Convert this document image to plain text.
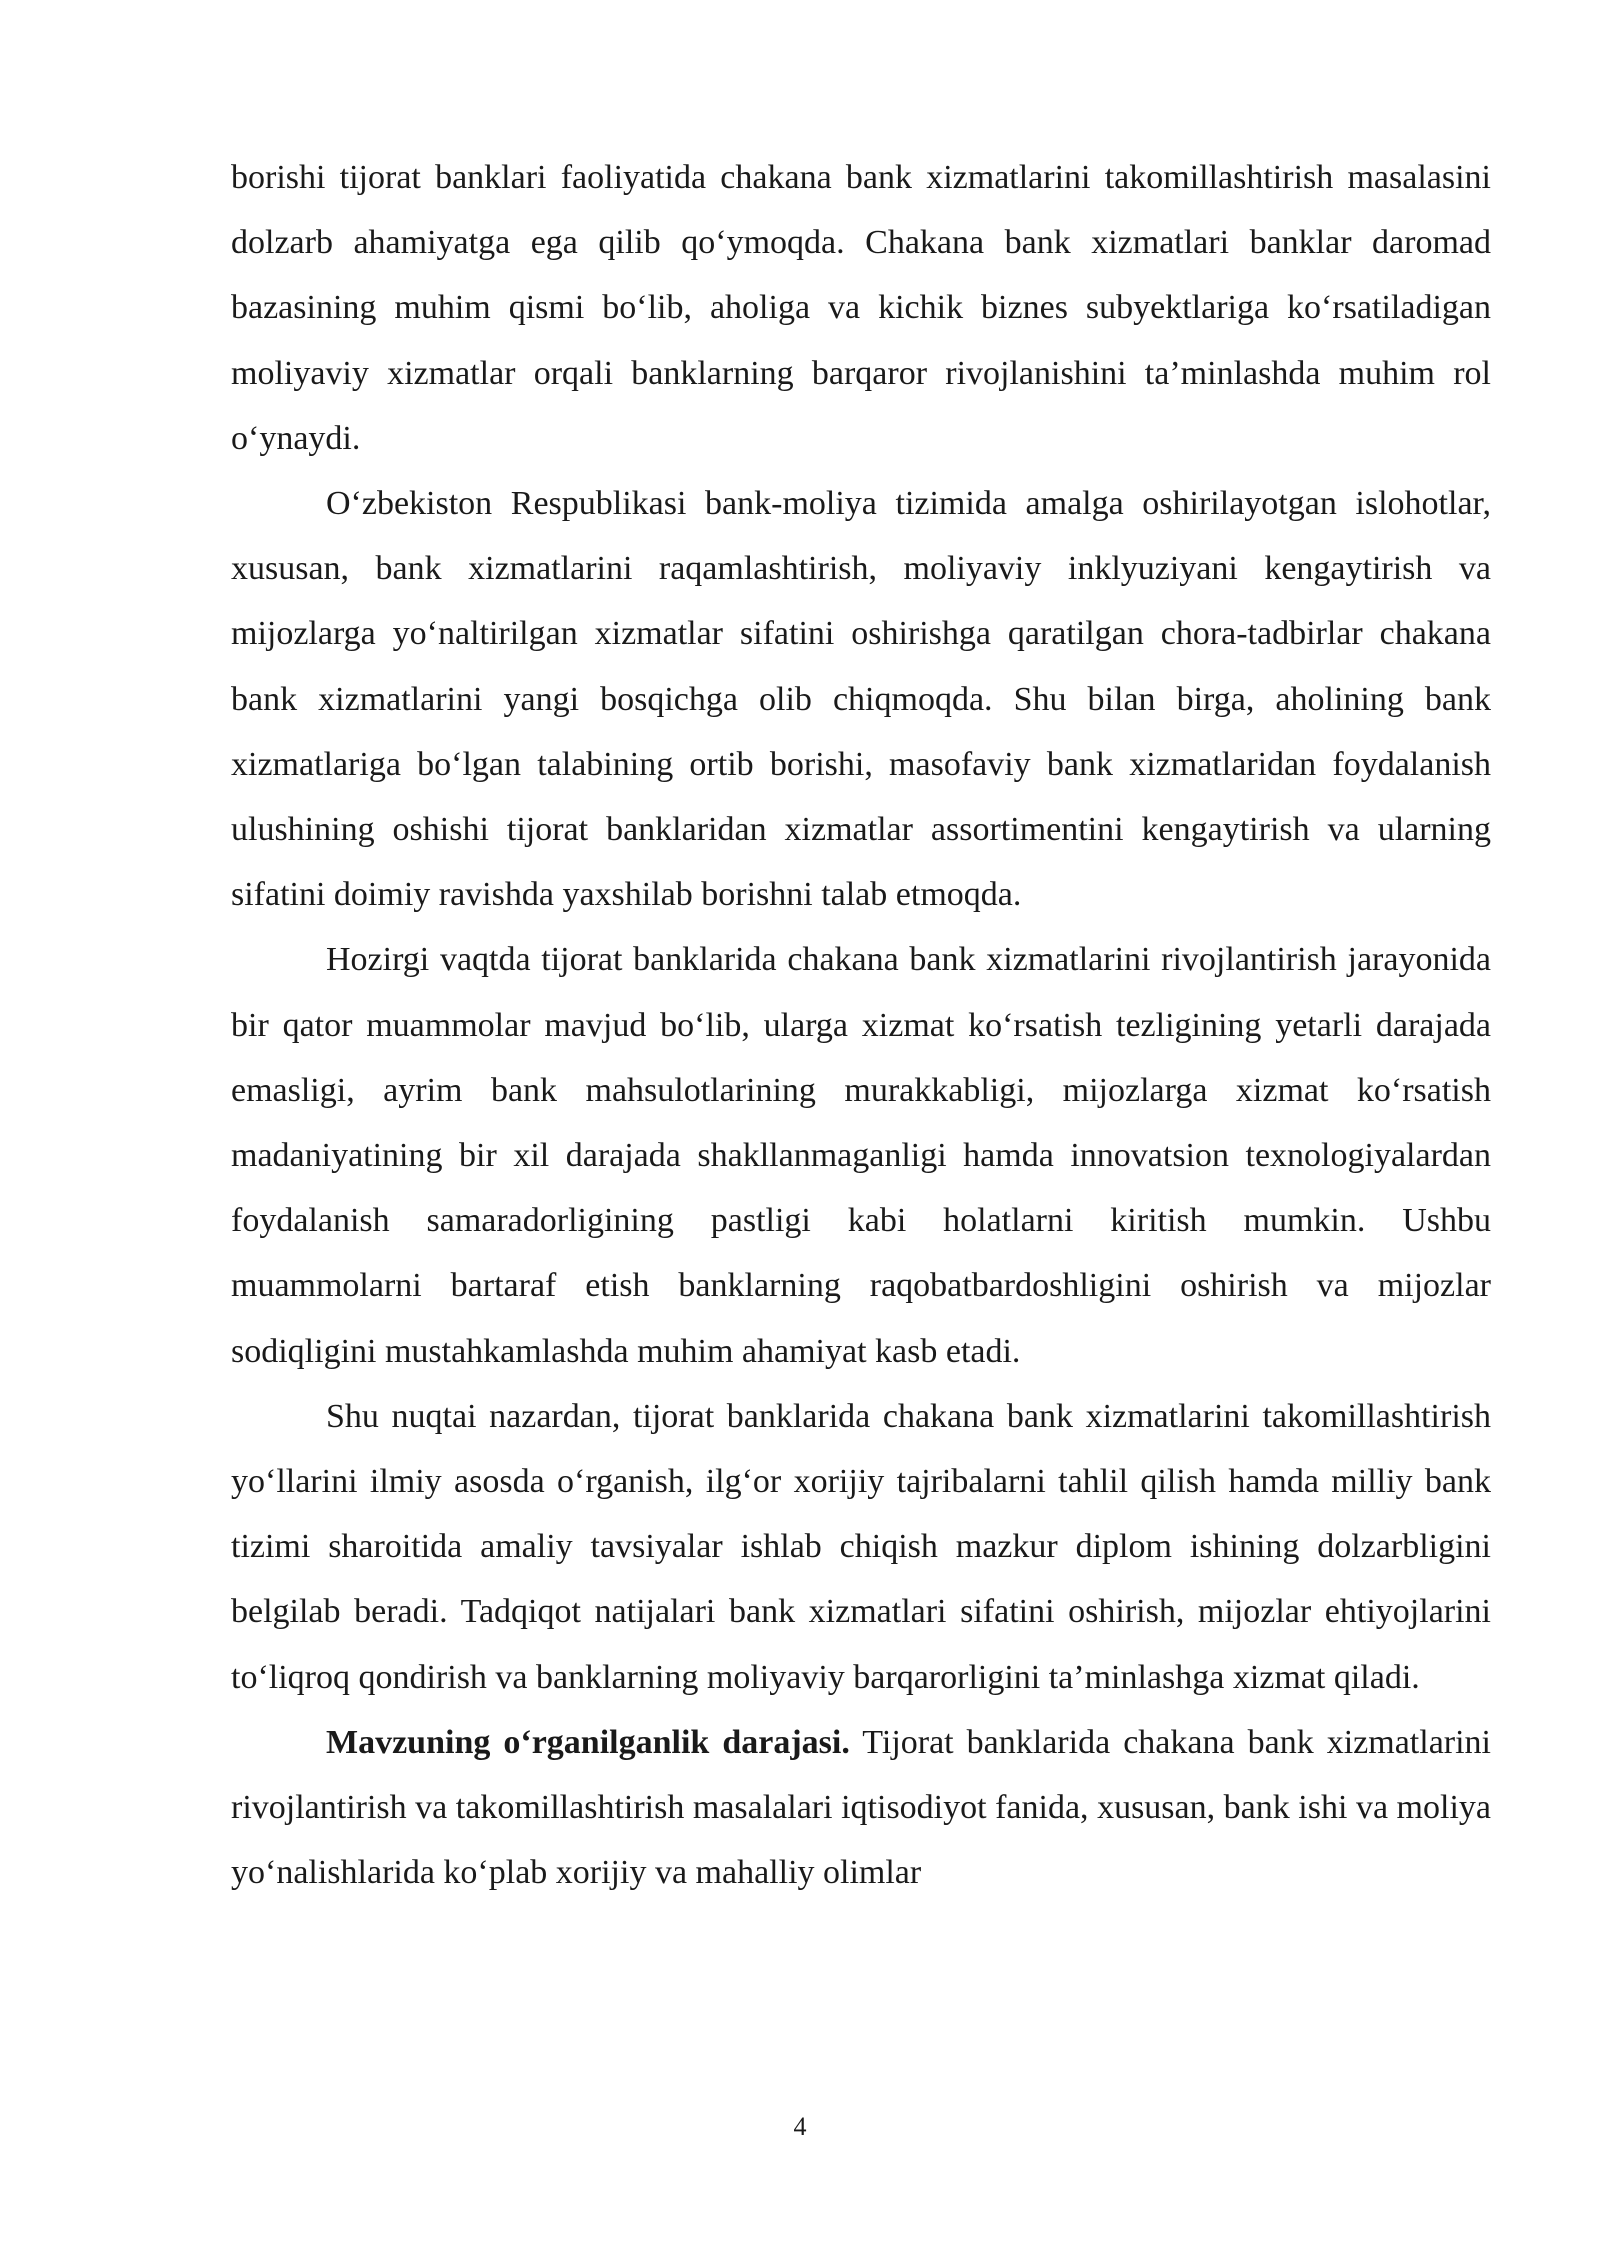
borishi tijorat banklari faoliyatida chakana bank xizmatlarini takomillashtirish masalasini dolzarb ahamiyatga ega qilib qo‘ymoqda. Chakana bank xizmatlari banklar daromad bazasining muhim qismi bo‘lib, aholiga va kichik biznes subyektlariga ko‘rsatiladigan moliyaviy xizmatlar orqali banklarning barqaror rivojlanishini ta’minlashda muhim rol o‘ynaydi.

O‘zbekiston Respublikasi bank-moliya tizimida amalga oshirilayotgan islohotlar, xususan, bank xizmatlarini raqamlashtirish, moliyaviy inklyuziyani kengaytirish va mijozlarga yo‘naltirilgan xizmatlar sifatini oshirishga qaratilgan chora-tadbirlar chakana bank xizmatlarini yangi bosqichga olib chiqmoqda. Shu bilan birga, aholining bank xizmatlariga bo‘lgan talabining ortib borishi, masofaviy bank xizmatlaridan foydalanish ulushining oshishi tijorat banklaridan xizmatlar assortimentini kengaytirish va ularning sifatini doimiy ravishda yaxshilab borishni talab etmoqda.

Hozirgi vaqtda tijorat banklarida chakana bank xizmatlarini rivojlantirish jarayonida bir qator muammolar mavjud bo‘lib, ularga xizmat ko‘rsatish tezligining yetarli darajada emasligi, ayrim bank mahsulotlarining murakkabligi, mijozlarga xizmat ko‘rsatish madaniyatining bir xil darajada shakllanmaganligi hamda innovatsion texnologiyalardan foydalanish samaradorligining pastligi kabi holatlarni kiritish mumkin. Ushbu muammolarni bartaraf etish banklarning raqobatbardoshligini oshirish va mijozlar sodiqligini mustahkamlashda muhim ahamiyat kasb etadi.

Shu nuqtai nazardan, tijorat banklarida chakana bank xizmatlarini takomillashtirish yo‘llarini ilmiy asosda o‘rganish, ilg‘or xorijiy tajribalarni tahlil qilish hamda milliy bank tizimi sharoitida amaliy tavsiyalar ishlab chiqish mazkur diplom ishining dolzarbligini belgilab beradi. Tadqiqot natijalari bank xizmatlari sifatini oshirish, mijozlar ehtiyojlarini to‘liqroq qondirish va banklarning moliyaviy barqarorligini ta’minlashga xizmat qiladi.

Mavzuning o‘rganilganlik darajasi. Tijorat banklarida chakana bank xizmatlarini rivojlantirish va takomillashtirish masalalari iqtisodiyot fanida, xususan, bank ishi va moliya yo‘nalishlarida ko‘plab xorijiy va mahalliy olimlar

4
